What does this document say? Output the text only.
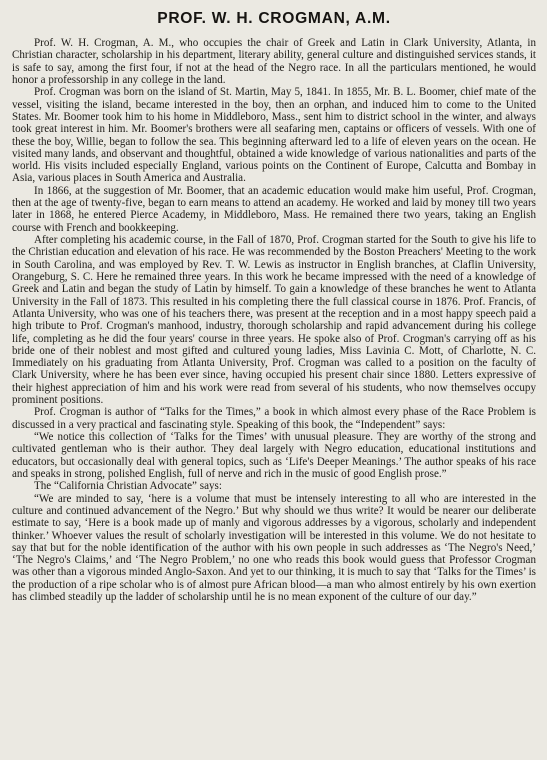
PROF. W. H. CROGMAN, A.M.

Prof. W. H. Crogman, A. M., who occupies the chair of Greek and Latin in Clark University, Atlanta, in Christian character, scholarship in his department, literary ability, general culture and distinguished services stands, it is safe to say, among the first four, if not at the head of the Negro race. In all the particulars mentioned, he would honor a professorship in any college in the land.

Prof. Crogman was born on the island of St. Martin, May 5, 1841. In 1855, Mr. B. L. Boomer, chief mate of the vessel, visiting the island, became interested in the boy, then an orphan, and induced him to come to the United States. Mr. Boomer took him to his home in Middleboro, Mass., sent him to district school in the winter, and always took great interest in him. Mr. Boomer's brothers were all seafaring men, captains or officers of vessels. With one of these the boy, Willie, began to follow the sea. This beginning afterward led to a life of eleven years on the ocean. He visited many lands, and observant and thoughtful, obtained a wide knowledge of various nationalities and parts of the world. His visits included especially England, various points on the Continent of Europe, Calcutta and Bombay in Asia, various places in South America and Australia.

In 1866, at the suggestion of Mr. Boomer, that an academic education would make him useful, Prof. Crogman, then at the age of twenty-five, began to earn means to attend an academy. He worked and laid by money till two years later in 1868, he entered Pierce Academy, in Middleboro, Mass. He remained there two years, taking an English course with French and bookkeeping.

After completing his academic course, in the Fall of 1870, Prof. Crogman started for the South to give his life to the Christian education and elevation of his race. He was recommended by the Boston Preachers' Meeting to the work in South Carolina, and was employed by Rev. T. W. Lewis as instructor in English branches, at Claflin University, Orangeburg, S. C. Here he remained three years. In this work he became impressed with the need of a knowledge of Greek and Latin and began the study of Latin by himself. To gain a knowledge of these branches he went to Atlanta University in the Fall of 1873. This resulted in his completing there the full classical course in 1876. Prof. Francis, of Atlanta University, who was one of his teachers there, was present at the reception and in a most happy speech paid a high tribute to Prof. Crogman's manhood, industry, thorough scholarship and rapid advancement during his college life, completing as he did the four years' course in three years. He spoke also of Prof. Crogman's carrying off as his bride one of their noblest and most gifted and cultured young ladies, Miss Lavinia C. Mott, of Charlotte, N. C. Immediately on his graduating from Atlanta University, Prof. Crogman was called to a position on the faculty of Clark University, where he has been ever since, having occupied his present chair since 1880. Letters expressive of their highest appreciation of him and his work were read from several of his students, who now themselves occupy prominent positions.

Prof. Crogman is author of “Talks for the Times,” a book in which almost every phase of the Race Problem is discussed in a very practical and fascinating style. Speaking of this book, the “Independent” says:

“We notice this collection of ‘Talks for the Times’ with unusual pleasure. They are worthy of the strong and cultivated gentleman who is their author. They deal largely with Negro education, educational institutions and educators, but occasionally deal with general topics, such as ‘Life's Deeper Meanings.’ The author speaks of his race and speaks in strong, polished English, full of nerve and rich in the music of good English prose.”

The “California Christian Advocate” says:

“We are minded to say, ‘here is a volume that must be intensely interesting to all who are interested in the culture and continued advancement of the Negro.’ But why should we thus write? It would be nearer our deliberate estimate to say, ‘Here is a book made up of manly and vigorous addresses by a vigorous, scholarly and independent thinker.’ Whoever values the result of scholarly investigation will be interested in this volume. We do not hesitate to say that but for the noble identification of the author with his own people in such addresses as ‘The Negro's Need,’ ‘The Negro's Claims,’ and ‘The Negro Problem,’ no one who reads this book would guess that Professor Crogman was other than a vigorous minded Anglo-Saxon. And yet to our thinking, it is much to say that ‘Talks for the Times’ is the production of a ripe scholar who is of almost pure African blood—a man who almost entirely by his own exertion has climbed steadily up the ladder of scholarship until he is no mean exponent of the culture of our day.”
